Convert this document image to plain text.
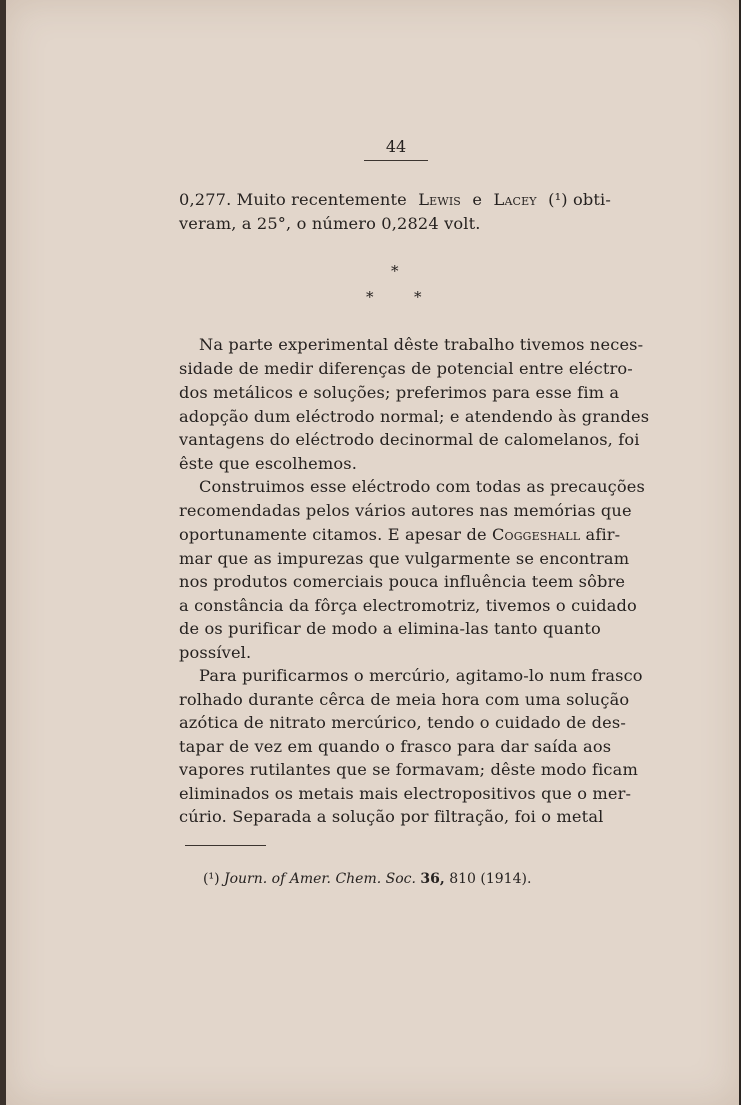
44
0,277. Muito recentemente Lewis e Lacey (¹) obti-
veram, a 25°, o número 0,2824 volt.
*
*	*
Na parte experimental dêste trabalho tivemos neces-
sidade de medir diferenças de potencial entre eléctro-
dos metálicos e soluções; preferimos para esse fim a
adopção dum eléctrodo normal; e atendendo às grandes
vantagens do eléctrodo decinormal de calomelanos, foi
êste que escolhemos.
Construimos esse eléctrodo com todas as precauções
recomendadas pelos vários autores nas memórias que
oportunamente citamos. E apesar de Coggeshall afir-
mar que as impurezas que vulgarmente se encontram
nos produtos comerciais pouca influência teem sôbre
a constância da fôrça electromotriz, tivemos o cuidado
de os purificar de modo a elimina-las tanto quanto
possível.
Para purificarmos o mercúrio, agitamo-lo num frasco
rolhado durante cêrca de meia hora com uma solução
azótica de nitrato mercúrico, tendo o cuidado de des-
tapar de vez em quando o frasco para dar saída aos
vapores rutilantes que se formavam; dêste modo ficam
eliminados os metais mais electropositivos que o mer-
cúrio. Separada a solução por filtração, foi o metal
(¹) Journ. of Amer. Chem. Soc. 36, 810 (1914).
